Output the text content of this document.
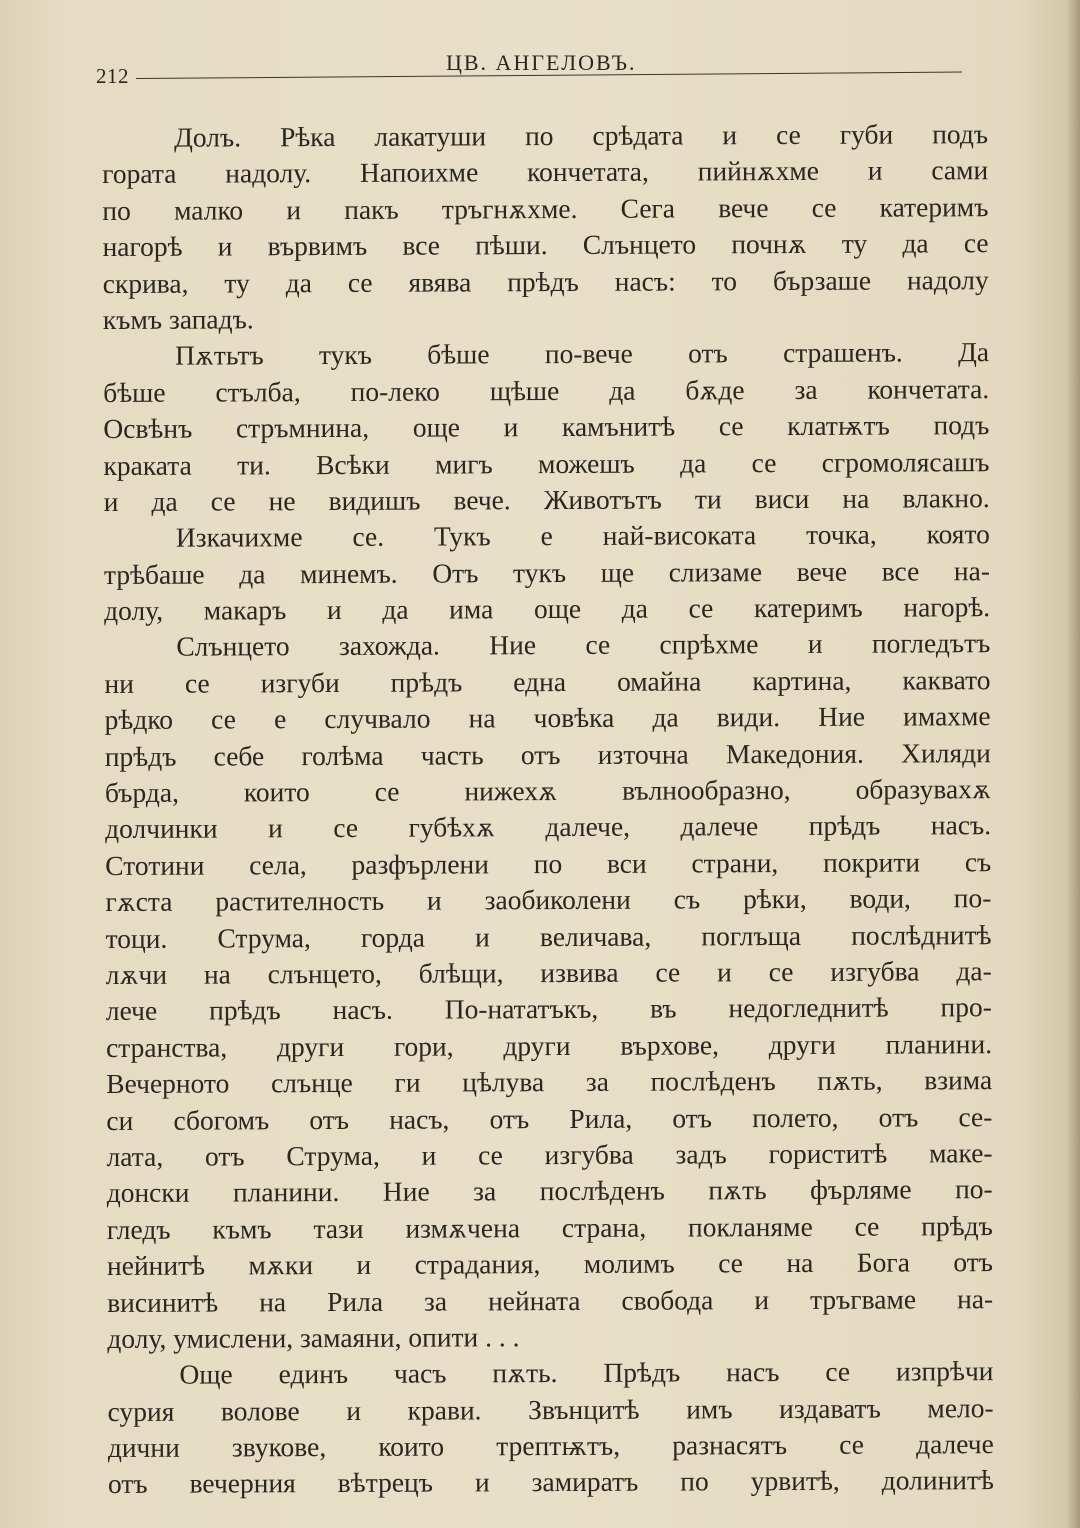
212
ЦВ. АНГЕЛОВЪ.
Долъ. Рѣка лакатуши по срѣдата и се губи подъ
гората надолу. Напоихме кончетата, пийнѫхме и сами
по малко и пакъ тръгнѫхме. Сега вече се катеримъ
нагорѣ и вървимъ все пѣши. Слънцето почнѫ ту да се
скрива, ту да се явява прѣдъ насъ: то бързаше надолу
къмъ западъ.
Пѫтьтъ тукъ бѣше по-вече отъ страшенъ. Да
бѣше стълба, по-леко щѣше да бѫде за кончетата.
Освѣнъ стръмнина, още и камънитѣ се клатѭтъ подъ
краката ти. Всѣки мигъ можешъ да се сгромолясашъ
и да се не видишъ вече. Животътъ ти виси на влакно.
Изкачихме се. Тукъ е най-високата точка, която
трѣбаше да минемъ. Отъ тукъ ще слизаме вече все на-
долу, макаръ и да има още да се катеримъ нагорѣ.
Слънцето захожда. Ние се спрѣхме и погледътъ
ни се изгуби прѣдъ една омайна картина, каквато
рѣдко се е случвало на човѣка да види. Ние имахме
прѣдъ себе голѣма часть отъ източна Македония. Хиляди
бърда, които се нижехѫ вълнообразно, образувахѫ
долчинки и се губѣхѫ далече, далече прѣдъ насъ.
Стотини села, разфърлени по вси страни, покрити съ
гѫста растителность и заобиколени съ рѣки, води, по-
тоци. Струма, горда и величава, поглъща послѣднитѣ
лѫчи на слънцето, блѣщи, извива се и се изгубва да-
лече прѣдъ насъ. По-нататъкъ, въ недогледнитѣ про-
странства, други гори, други върхове, други планини.
Вечерното слънце ги цѣлува за послѣденъ пѫть, взима
си сбогомъ отъ насъ, отъ Рила, отъ полето, отъ се-
лата, отъ Струма, и се изгубва задъ гориститѣ маке-
донски планини. Ние за послѣденъ пѫть фърляме по-
гледъ къмъ тази измѫчена страна, покланяме се прѣдъ
нейнитѣ мѫки и страдания, молимъ се на Бога отъ
висинитѣ на Рила за нейната свобода и тръгваме на-
долу, умислени, замаяни, опити . . .
Още единъ часъ пѫть. Прѣдъ насъ се изпрѣчи
сурия волове и крави. Звънцитѣ имъ издаватъ мело-
дични звукове, които трептѭтъ, разнасятъ се далече
отъ вечерния вѣтрецъ и замиратъ по урвитѣ, долинитѣ
